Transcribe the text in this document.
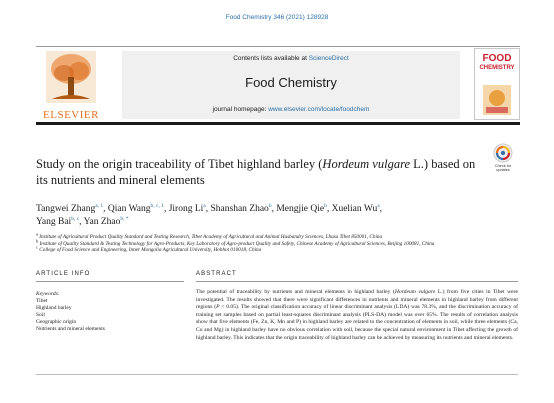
Food Chemistry 346 (2021) 128928
ELSEVIER
Contents lists available at ScienceDirect
Food Chemistry
journal homepage: www.elsevier.com/locate/foodchem
FOOD
CHEMISTRY
Study on the origin traceability of Tibet highland barley (Hordeum vulgare L.) based on its nutrients and mineral elements
Check for
updates
Tangwei Zhang$^{a, 1}$, Qian Wang$^{b, c, 1}$, Jirong Li$^a$, Shanshan Zhao$^b$, Mengjie Qie$^b$, Xuelian Wu$^a$,
Yang Bai$^{b, c}$, Yan Zhao$^{b, *}$
$^a$ Institute of Agricultural Product Quality Standard and Testing Research, Tibet Academy of Agricultural and Animal Husbandry Sciences, Lhasa Tibet 850001, China
$^b$ Institute of Quality Standard & Testing Technology for Agro-Products, Key Laboratory of Agro-product Quality and Safety, Chinese Academy of Agricultural Sciences, Beijing 100081, China
$^c$ College of Food Science and Engineering, Inner Mongolia Agricultural University, Hohhot 010018, China
ARTICLE INFO	ABSTRACT
Keywords:
Tibet
Highland barley
Soil
Geographic origin
Nutrients and mineral elements
The potential of traceability by nutrients and mineral elements in highland barley (Hordeum vulgare L.) from five cities in Tibet were investigated. The results showed that there were significant differences in nutrients and mineral elements in highland barley from different regions (P < 0.05). The original classification accuracy of linear discriminant analysis (LDA) was 78.3%, and the discrimination accuracy of training set samples based on partial least-squares discriminant analysis (PLS-DA) model was over 65%. The results of correlation analysis show that five elements (Fe, Zn, K, Mn and P) in highland barley are related to the concentration of elements in soil, while three elements (Ca, Cu and Mg) in highland barley have no obvious correlation with soil, because the special natural environment in Tibet affecting the growth of highland barley. This indicates that the origin traceability of highland barley can be achieved by measuring its nutrients and mineral elements.
